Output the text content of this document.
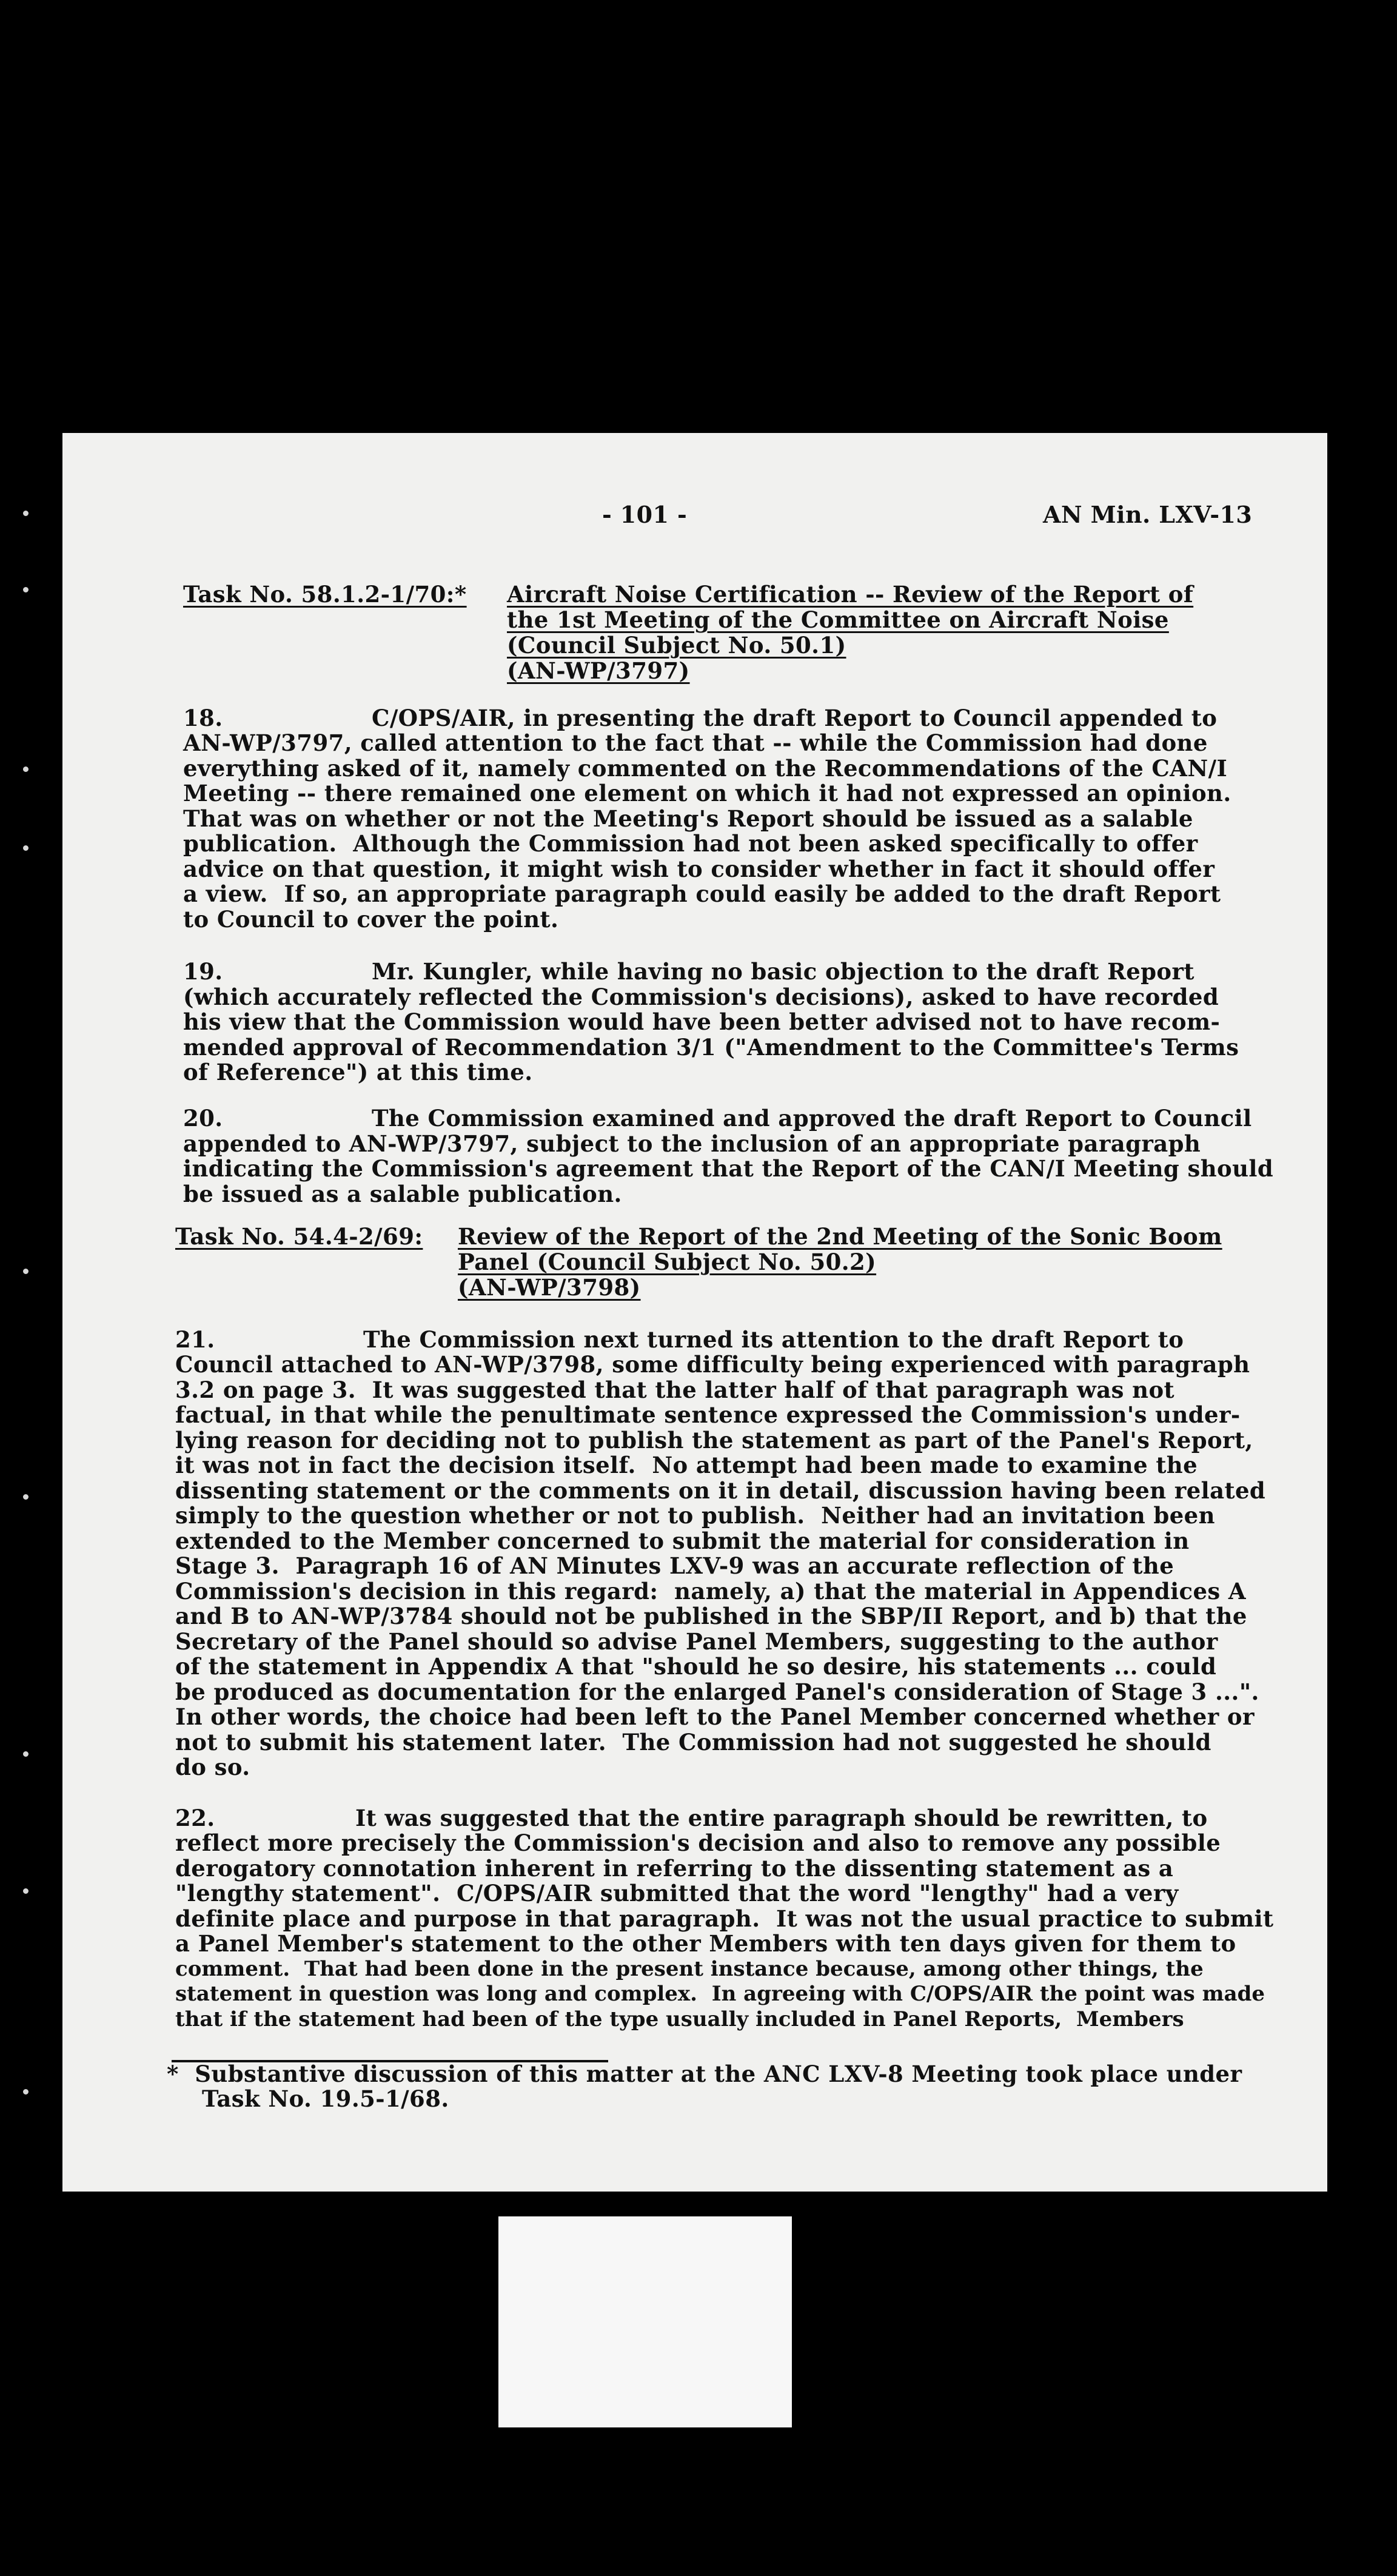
- 101 -	AN Min. LXV-13
Task No. 58.1.2-1/70:* Aircraft Noise Certification -- Review of the Report of
the 1st Meeting of the Committee on Aircraft Noise
(Council Subject No. 50.1)
(AN-WP/3797)
18.	C/OPS/AIR, in presenting the draft Report to Council appended to
AN-WP/3797, called attention to the fact that -- while the Commission had done
everything asked of it, namely commented on the Recommendations of the CAN/I
Meeting -- there remained one element on which it had not expressed an opinion.
That was on whether or not the Meeting's Report should be issued as a salable
publication.  Although the Commission had not been asked specifically to offer
advice on that question, it might wish to consider whether in fact it should offer
a view.  If so, an appropriate paragraph could easily be added to the draft Report
to Council to cover the point.
19.	Mr. Kungler, while having no basic objection to the draft Report
(which accurately reflected the Commission's decisions), asked to have recorded
his view that the Commission would have been better advised not to have recom-
mended approval of Recommendation 3/1 ("Amendment to the Committee's Terms
of Reference") at this time.
20.	The Commission examined and approved the draft Report to Council
appended to AN-WP/3797, subject to the inclusion of an appropriate paragraph
indicating the Commission's agreement that the Report of the CAN/I Meeting should
be issued as a salable publication.
Task No. 54.4-2/69: Review of the Report of the 2nd Meeting of the Sonic Boom
Panel (Council Subject No. 50.2)
(AN-WP/3798)
21.	The Commission next turned its attention to the draft Report to
Council attached to AN-WP/3798, some difficulty being experienced with paragraph
3.2 on page 3.  It was suggested that the latter half of that paragraph was not
factual, in that while the penultimate sentence expressed the Commission's under-
lying reason for deciding not to publish the statement as part of the Panel's Report,
it was not in fact the decision itself.  No attempt had been made to examine the
dissenting statement or the comments on it in detail, discussion having been related
simply to the question whether or not to publish.  Neither had an invitation been
extended to the Member concerned to submit the material for consideration in
Stage 3.  Paragraph 16 of AN Minutes LXV-9 was an accurate reflection of the
Commission's decision in this regard:  namely, a) that the material in Appendices A
and B to AN-WP/3784 should not be published in the SBP/II Report, and b) that the
Secretary of the Panel should so advise Panel Members, suggesting to the author
of the statement in Appendix A that "should he so desire, his statements ... could
be produced as documentation for the enlarged Panel's consideration of Stage 3 ...".
In other words, the choice had been left to the Panel Member concerned whether or
not to submit his statement later.  The Commission had not suggested he should
do so.
22.	It was suggested that the entire paragraph should be rewritten, to
reflect more precisely the Commission's decision and also to remove any possible
derogatory connotation inherent in referring to the dissenting statement as a
"lengthy statement".  C/OPS/AIR submitted that the word "lengthy" had a very
definite place and purpose in that paragraph.  It was not the usual practice to submit
a Panel Member's statement to the other Members with ten days given for them to
comment.  That had been done in the present instance because, among other things, the
statement in question was long and complex.  In agreeing with C/OPS/AIR the point was made
that if the statement had been of the type usually included in Panel Reports,  Members
*  Substantive discussion of this matter at the ANC LXV-8 Meeting took place under
Task No. 19.5-1/68.
